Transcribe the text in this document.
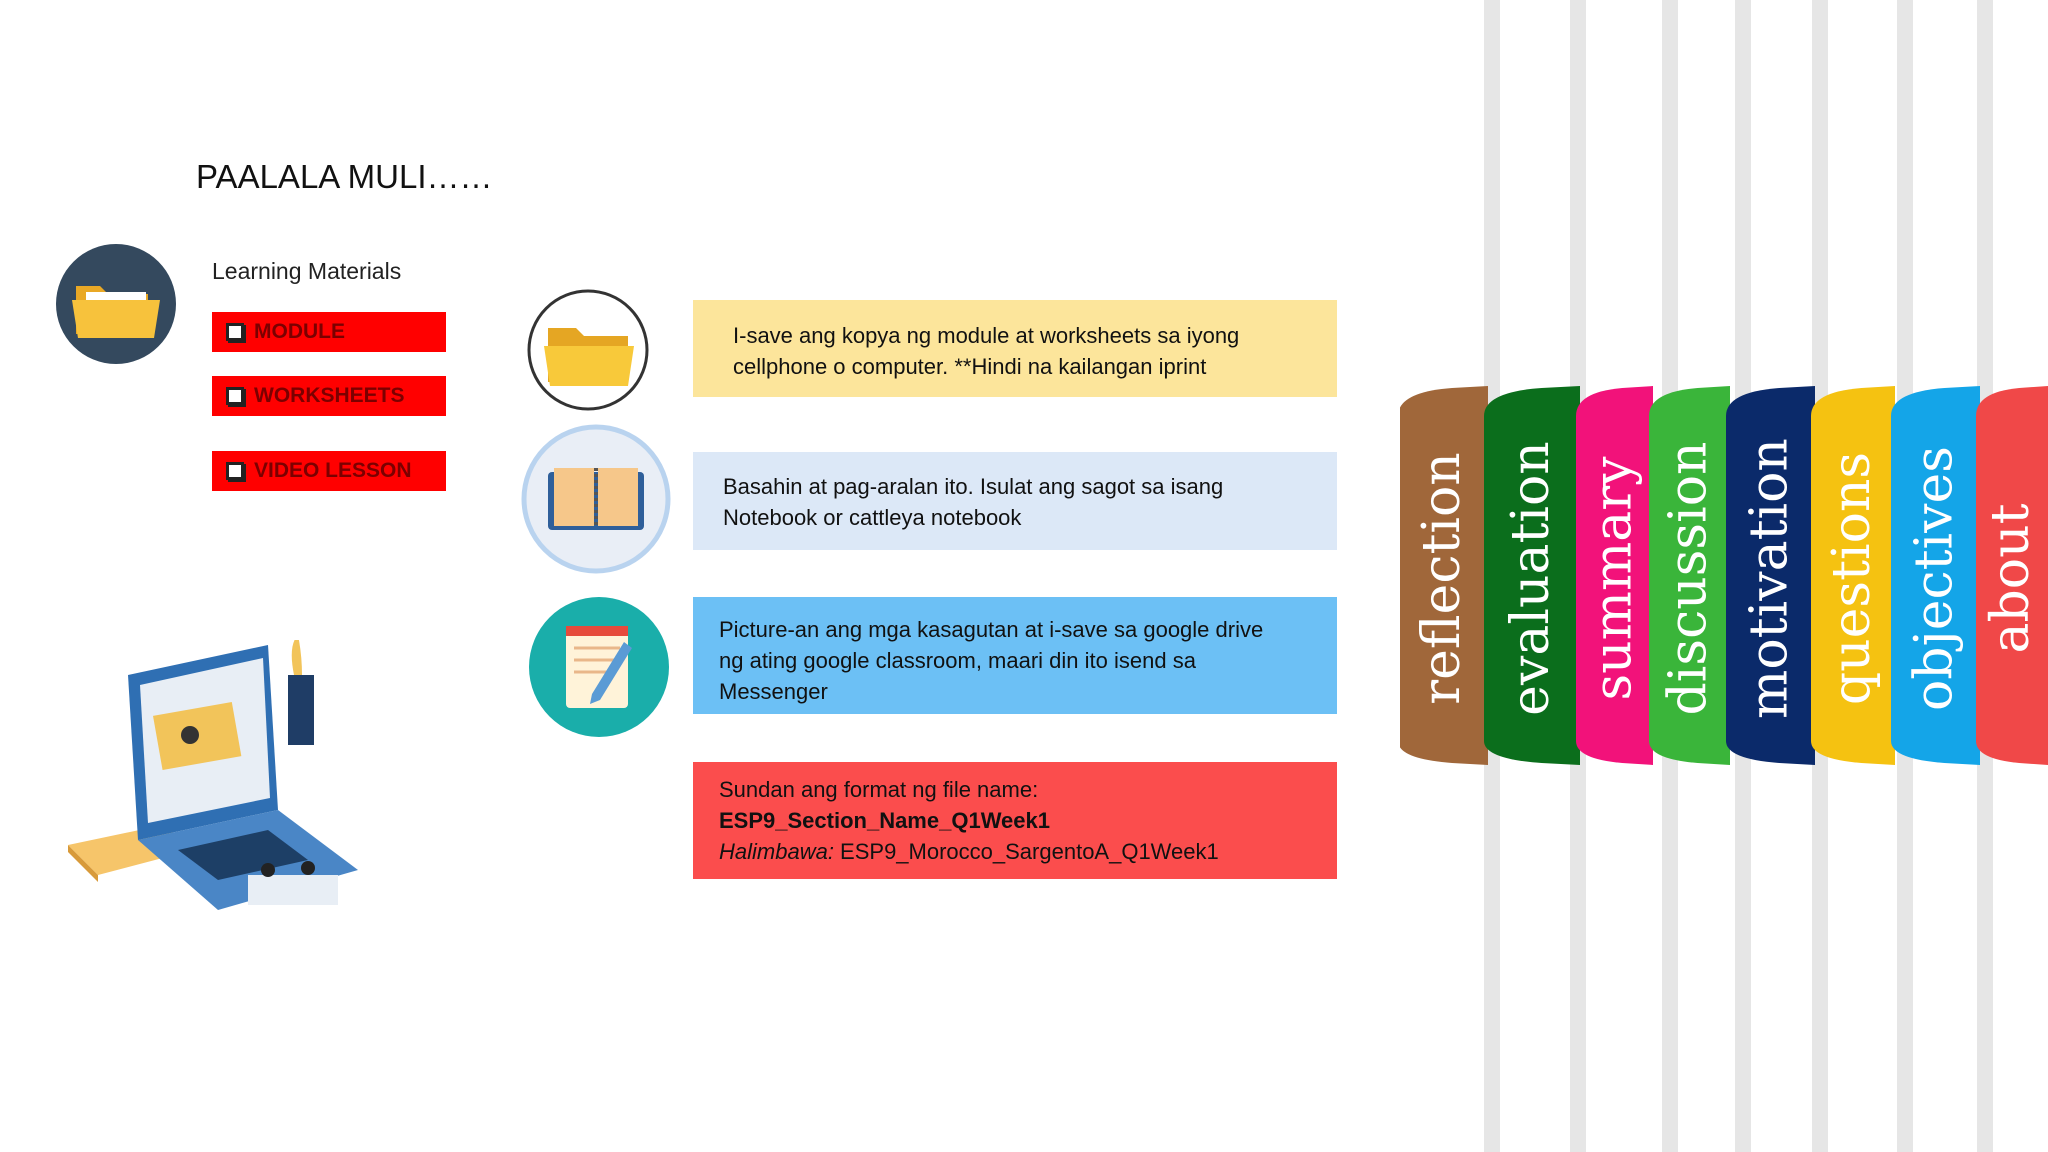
PAALALA MULI……
Learning Materials
MODULE
WORKSHEETS
VIDEO LESSON
I-save ang kopya ng module at worksheets sa iyong
cellphone o computer. **Hindi na kailangan iprint
Basahin at pag-aralan ito. Isulat ang sagot sa isang
Notebook or cattleya notebook
Picture-an ang mga kasagutan at i-save sa google drive
ng ating google classroom, maari din ito isend sa
Messenger
Sundan ang format ng file name:
ESP9_Section_Name_Q1Week1
Halimbawa: ESP9_Morocco_SargentoA_Q1Week1
reflection evaluation summary discussion motivation questions objectives about
